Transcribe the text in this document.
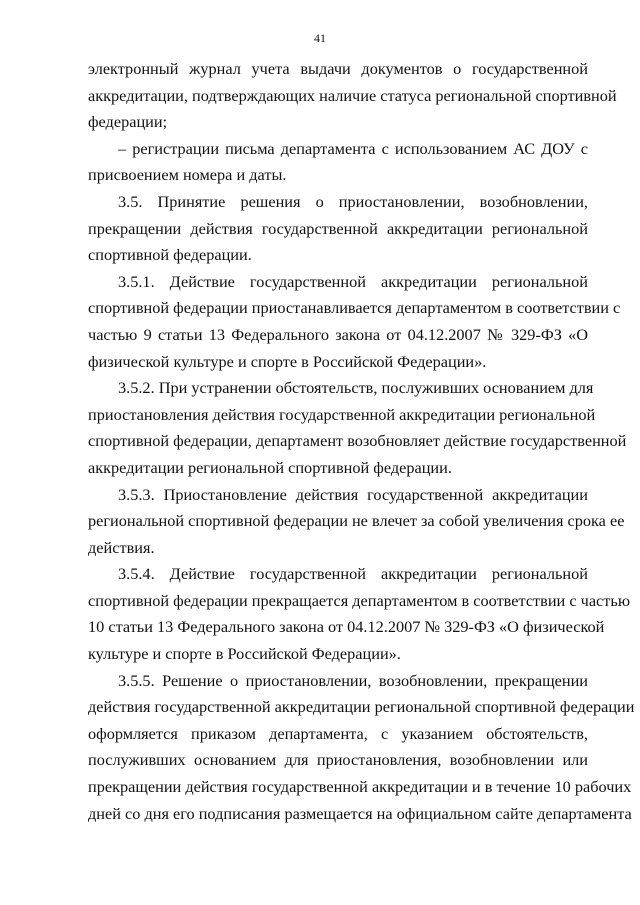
41
электронный журнал учета выдачи документов о государственной
аккредитации, подтверждающих наличие статуса региональной спортивной
федерации;
– регистрации письма департамента с использованием АС ДОУ с
присвоением номера и даты.
3.5. Принятие решения о приостановлении, возобновлении,
прекращении действия государственной аккредитации региональной
спортивной федерации.
3.5.1. Действие государственной аккредитации региональной
спортивной федерации приостанавливается департаментом в соответствии с
частью 9 статьи 13 Федерального закона от 04.12.2007 № 329-ФЗ «О
физической культуре и спорте в Российской Федерации».
3.5.2. При устранении обстоятельств, послуживших основанием для
приостановления действия государственной аккредитации региональной
спортивной федерации, департамент возобновляет действие государственной
аккредитации региональной спортивной федерации.
3.5.3. Приостановление действия государственной аккредитации
региональной спортивной федерации не влечет за собой увеличения срока ее
действия.
3.5.4. Действие государственной аккредитации региональной
спортивной федерации прекращается департаментом в соответствии с частью
10 статьи 13 Федерального закона от 04.12.2007 № 329-ФЗ «О физической
культуре и спорте в Российской Федерации».
3.5.5. Решение о приостановлении, возобновлении, прекращении
действия государственной аккредитации региональной спортивной федерации
оформляется приказом департамента, с указанием обстоятельств,
послуживших основанием для приостановления, возобновлении или
прекращении действия государственной аккредитации и в течение 10 рабочих
дней со дня его подписания размещается на официальном сайте департамента
